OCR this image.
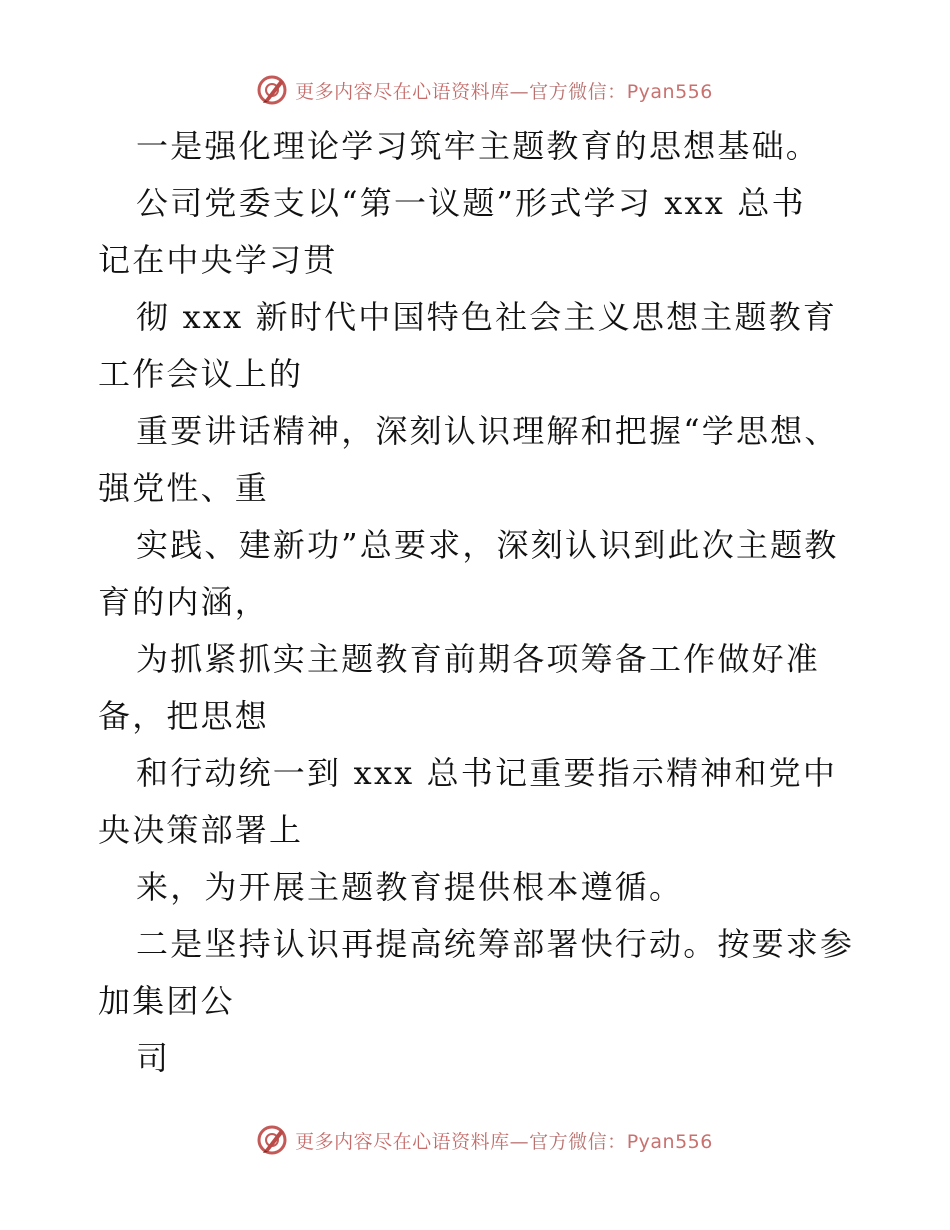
更多内容尽在心语资料库—官方微信：Pyan556
一是强化理论学习筑牢主题教育的思想基础。
公司党委支以“第一议题”形式学习 xxx 总书
记在中央学习贯
彻 xxx 新时代中国特色社会主义思想主题教育
工作会议上的
重要讲话精神，深刻认识理解和把握“学思想、
强党性、重
实践、建新功”总要求，深刻认识到此次主题教
育的内涵，
为抓紧抓实主题教育前期各项筹备工作做好准
备，把思想
和行动统一到 xxx 总书记重要指示精神和党中
央决策部署上
来，为开展主题教育提供根本遵循。
二是坚持认识再提高统筹部署快行动。按要求参
加集团公
司
更多内容尽在心语资料库—官方微信：Pyan556
